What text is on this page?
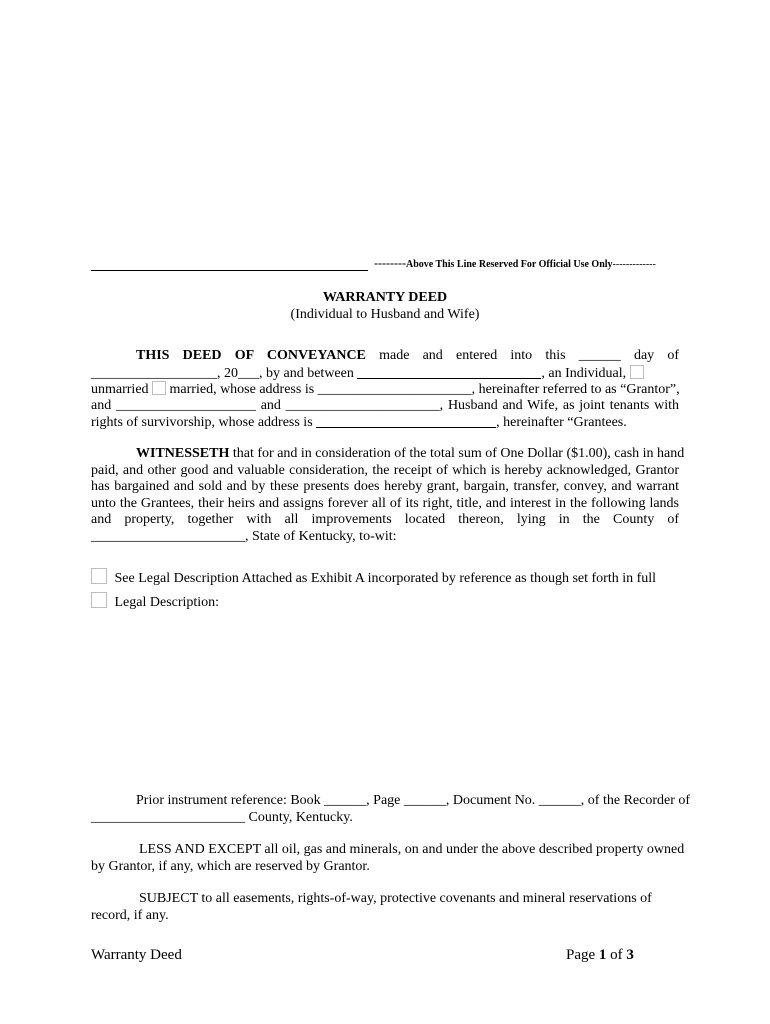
--------Above This Line Reserved For Official Use Only-------------
WARRANTY DEED
(Individual to Husband and Wife)
THIS DEED OF CONVEYANCE made and entered into this ______ day of
__________________, 20___, by and between	, an Individual,
unmarried married, whose address is ______________________, hereinafter referred to as “Grantor”,
and ____________________ and ______________________, Husband and Wife, as joint tenants with
rights of survivorship, whose address is	, hereinafter “Grantees.
WITNESSETH that for and in consideration of the total sum of One Dollar ($1.00), cash in hand
paid, and other good and valuable consideration, the receipt of which is hereby acknowledged, Grantor
has bargained and sold and by these presents does hereby grant, bargain, transfer, convey, and warrant
unto the Grantees, their heirs and assigns forever all of its right, title, and interest in the following lands
and property, together with all improvements located thereon, lying in the County of
______________________, State of Kentucky, to-wit:
See Legal Description Attached as Exhibit A incorporated by reference as though set forth in full
Legal Description:
Prior instrument reference: Book ______, Page ______, Document No. ______, of the Recorder of
______________________ County, Kentucky.
LESS AND EXCEPT all oil, gas and minerals, on and under the above described property owned
by Grantor, if any, which are reserved by Grantor.
SUBJECT to all easements, rights-of-way, protective covenants and mineral reservations of
record, if any.
Warranty Deed	Page 1 of 3
